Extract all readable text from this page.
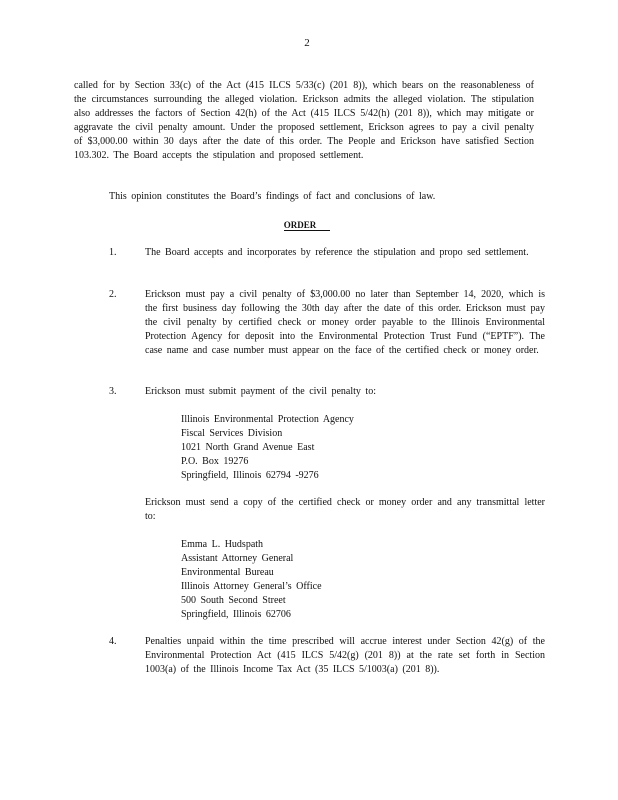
2

called for by Section 33(c) of the Act (415 ILCS 5/33(c) (201 8)), which bears on the reasonableness of the circumstances surrounding the alleged violation. Erickson admits the alleged violation. The stipulation also addresses the factors of Section 42(h) of the Act (415 ILCS 5/42(h) (201 8)), which may mitigate or aggravate the civil penalty amount. Under the proposed settlement, Erickson agrees to pay a civil penalty of $3,000.00 within 30 days after the date of this order. The People and Erickson have satisfied Section 103.302. The Board accepts the stipulation and proposed settlement.

This opinion constitutes the Board’s findings of fact and conclusions of law.

ORDER
1.	The Board accepts and incorporates by reference the stipulation and propo sed settlement.

2.	Erickson must pay a civil penalty of $3,000.00 no later than September 14, 2020, which is the first business day following the 30th day after the date of this order. Erickson must pay the civil penalty by certified check or money order payable to the Illinois Environmental Protection Agency for deposit into the Environmental Protection Trust Fund (“EPTF”). The case name and case number must appear on the face of the certified check or money order.

3.	Erickson must submit payment of the civil penalty to:

Illinois Environmental Protection Agency
Fiscal Services Division
1021 North Grand Avenue East
P.O. Box 19276
Springfield, Illinois 62794 -9276

Erickson must send a copy of the certified check or money order and any transmittal letter to:

Emma L. Hudspath
Assistant Attorney General
Environmental Bureau
Illinois Attorney General’s Office
500 South Second Street
Springfield, Illinois 62706
4.	Penalties unpaid within the time prescribed will accrue interest under Section 42(g) of the Environmental Protection Act (415 ILCS 5/42(g) (201 8)) at the rate set forth in Section 1003(a) of the Illinois Income Tax Act (35 ILCS 5/1003(a) (201 8)).
